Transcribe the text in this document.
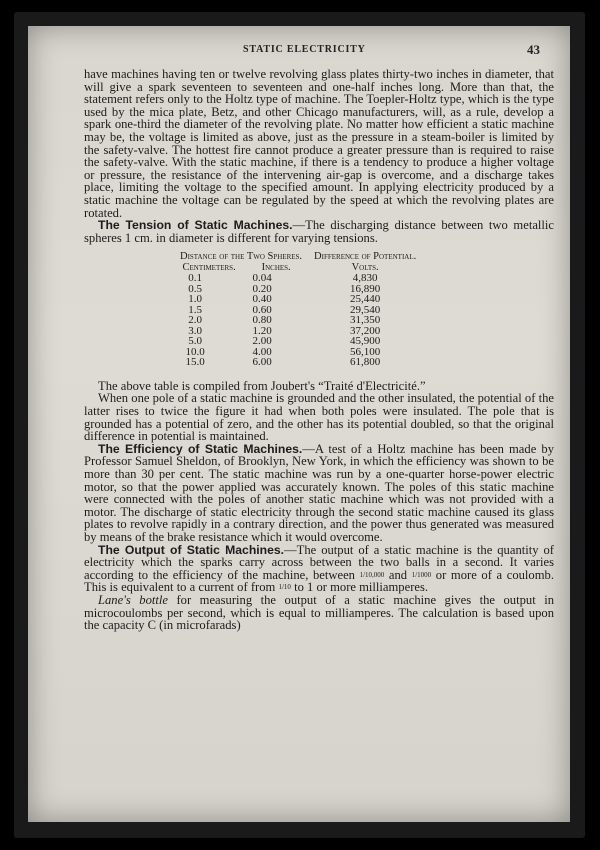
STATIC ELECTRICITY	43

have machines having ten or twelve revolving glass plates thirty-two inches in diameter, that will give a spark seventeen to seventeen and one-half inches long. More than that, the statement refers only to the Holtz type of machine. The Toepler-Holtz type, which is the type used by the mica plate, Betz, and other Chicago manufacturers, will, as a rule, develop a spark one-third the diameter of the revolving plate. No matter how efficient a static machine may be, the voltage is limited as above, just as the pressure in a steam-boiler is limited by the safety-valve. The hottest fire cannot produce a greater pressure than is required to raise the safety-valve. With the static machine, if there is a tendency to produce a higher voltage or pressure, the resistance of the intervening air-gap is overcome, and a discharge takes place, limiting the voltage to the specified amount. In applying electricity produced by a static machine the voltage can be regulated by the speed at which the revolving plates are rotated.

The Tension of Static Machines.—The discharging distance between two metallic spheres 1 cm. in diameter is different for varying tensions.

Distance of the Two Spheres.		Difference of Potential.
Centimeters.	Inches.	Volts.
0.1	0.04	4,830
0.5	0.20	16,890
1.0	0.40	25,440
1.5	0.60	29,540
2.0	0.80	31,350
3.0	1.20	37,200
5.0	2.00	45,900
10.0	4.00	56,100
15.0	6.00	61,800

The above table is compiled from Joubert's “Traité d'Electricité.”

When one pole of a static machine is grounded and the other insulated, the potential of the latter rises to twice the figure it had when both poles were insulated. The pole that is grounded has a potential of zero, and the other has its potential doubled, so that the original difference in potential is maintained.

The Efficiency of Static Machines.—A test of a Holtz machine has been made by Professor Samuel Sheldon, of Brooklyn, New York, in which the efficiency was shown to be more than 30 per cent. The static machine was run by a one-quarter horse-power electric motor, so that the power applied was accurately known. The poles of this static machine were connected with the poles of another static machine which was not provided with a motor. The discharge of static electricity through the second static machine caused its glass plates to revolve rapidly in a contrary direction, and the power thus generated was measured by means of the brake resistance which it would overcome.

The Output of Static Machines.—The output of a static machine is the quantity of electricity which the sparks carry across between the two balls in a second. It varies according to the efficiency of the machine, between 1/10,000 and 1/1000 or more of a coulomb. This is equivalent to a current of from 1/10 to 1 or more milliamperes.

Lane's bottle for measuring the output of a static machine gives the output in microcoulombs per second, which is equal to milliamperes. The calculation is based upon the capacity C (in microfarads)
